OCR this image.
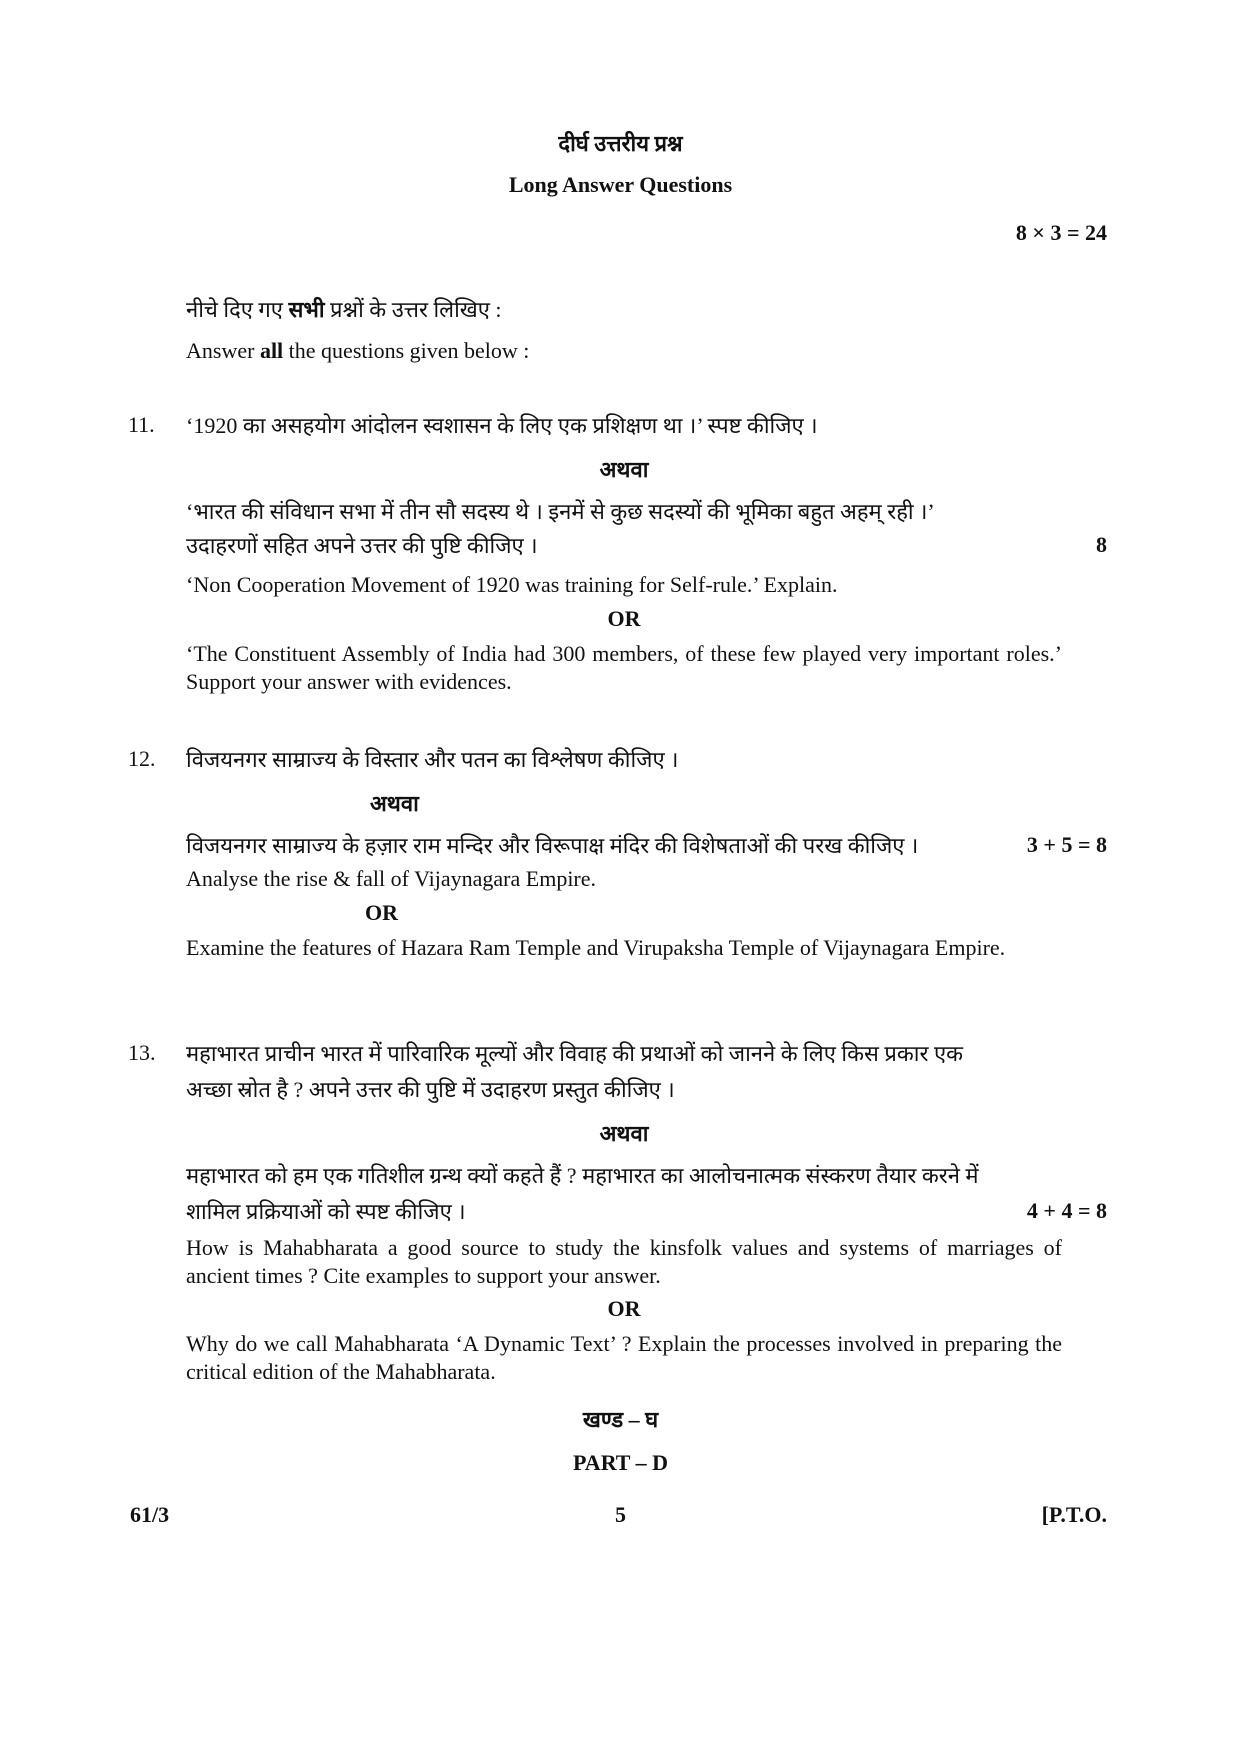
दीर्घ उत्तरीय प्रश्न
Long Answer Questions
8 × 3 = 24
नीचे दिए गए सभी प्रश्नों के उत्तर लिखिए :
Answer all the questions given below :
11. ‘1920 का असहयोग आंदोलन स्वशासन के लिए एक प्रशिक्षण था ।’ स्पष्ट कीजिए ।
अथवा
‘भारत की संविधान सभा में तीन सौ सदस्य थे । इनमें से कुछ सदस्यों की भूमिका बहुत अहम् रही ।’
उदाहरणों सहित अपने उत्तर की पुष्टि कीजिए ।	8
‘Non Cooperation Movement of 1920 was training for Self-rule.’ Explain.
OR
‘The Constituent Assembly of India had 300 members, of these few played very important roles.’ Support your answer with evidences.
12. विजयनगर साम्राज्य के विस्तार और पतन का विश्लेषण कीजिए ।
अथवा
विजयनगर साम्राज्य के हज़ार राम मन्दिर और विरूपाक्ष मंदिर की विशेषताओं की परख कीजिए ।	3 + 5 = 8
Analyse the rise & fall of Vijaynagara Empire.
OR
Examine the features of Hazara Ram Temple and Virupaksha Temple of Vijaynagara Empire.
13. महाभारत प्राचीन भारत में पारिवारिक मूल्यों और विवाह की प्रथाओं को जानने के लिए किस प्रकार एक
अच्छा स्रोत है ? अपने उत्तर की पुष्टि में उदाहरण प्रस्तुत कीजिए ।
अथवा
महाभारत को हम एक गतिशील ग्रन्थ क्यों कहते हैं ? महाभारत का आलोचनात्मक संस्करण तैयार करने में
शामिल प्रक्रियाओं को स्पष्ट कीजिए ।	4 + 4 = 8
How is Mahabharata a good source to study the kinsfolk values and systems of marriages of ancient times ? Cite examples to support your answer.
OR
Why do we call Mahabharata ‘A Dynamic Text’ ? Explain the processes involved in preparing the critical edition of the Mahabharata.
खण्ड – घ
PART – D
61/3	5	[P.T.O.
